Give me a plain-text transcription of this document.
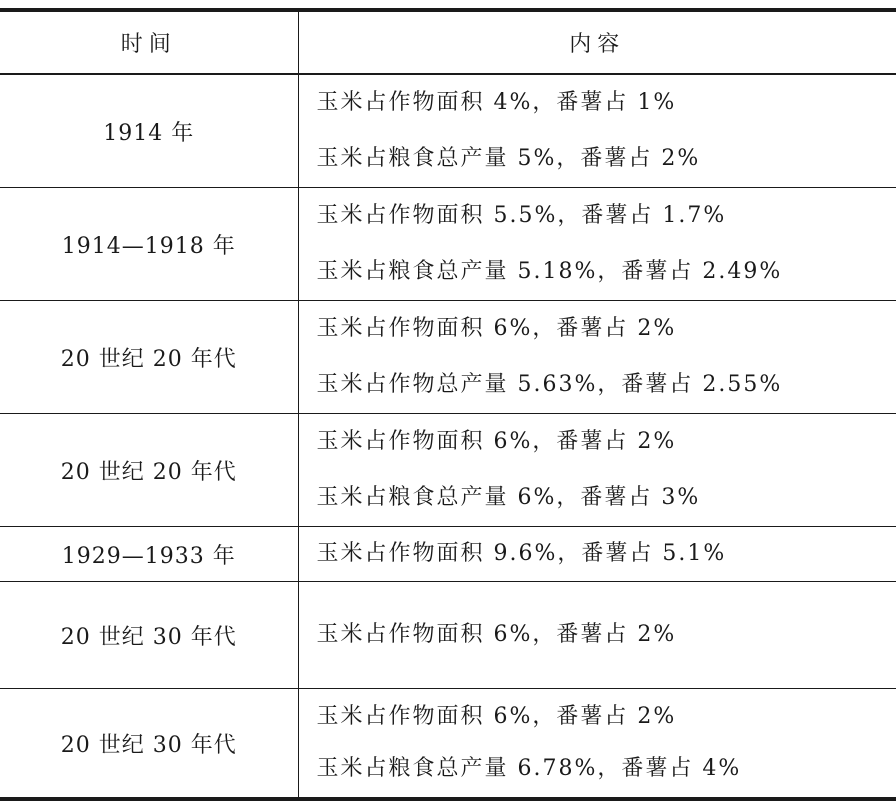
时间	内容
1914 年	玉米占作物面积 4%，番薯占 1%
玉米占粮食总产量 5%，番薯占 2%

1914—1918 年	玉米占作物面积 5.5%，番薯占 1.7%
玉米占粮食总产量 5.18%，番薯占 2.49%

20 世纪 20 年代	玉米占作物面积 6%，番薯占 2%
玉米占作物总产量 5.63%，番薯占 2.55%

20 世纪 20 年代	玉米占作物面积 6%，番薯占 2%
玉米占粮食总产量 6%，番薯占 3%

1929—1933 年	玉米占作物面积 9.6%，番薯占 5.1%

20 世纪 30 年代	玉米占作物面积 6%，番薯占 2%

20 世纪 30 年代	玉米占作物面积 6%，番薯占 2%
玉米占粮食总产量 6.78%，番薯占 4%
